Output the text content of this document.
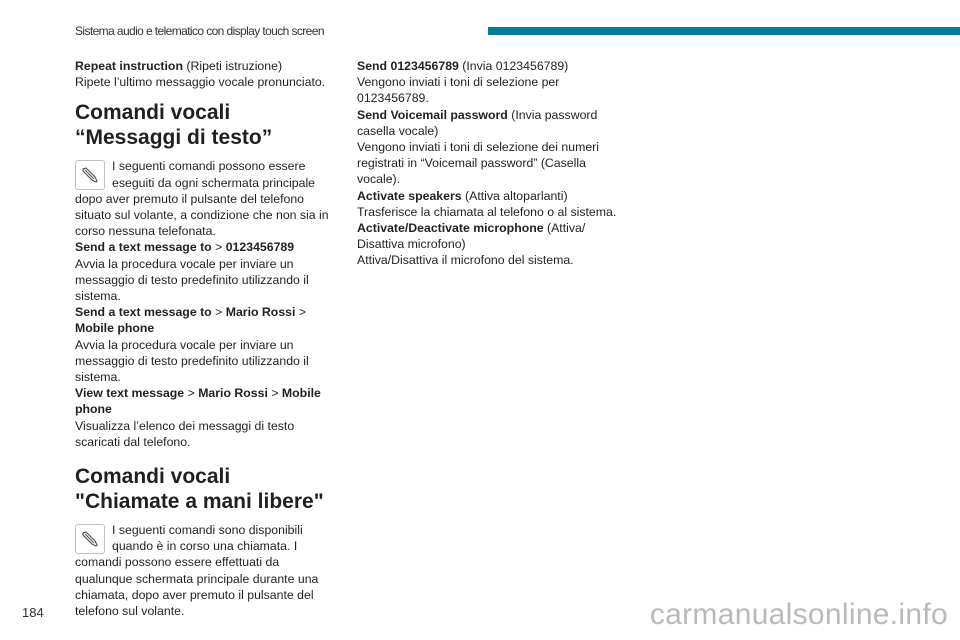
Sistema audio e telematico con display touch screen

Repeat instruction (Ripeti istruzione)
Ripete l’ultimo messaggio vocale pronunciato.

Comandi vocali “Messaggi di testo”

I seguenti comandi possono essere eseguiti da ogni schermata principale dopo aver premuto il pulsante del telefono situato sul volante, a condizione che non sia in corso nessuna telefonata.

Send a text message to > 0123456789
Avvia la procedura vocale per inviare un messaggio di testo predefinito utilizzando il sistema.

Send a text message to > Mario Rossi > Mobile phone
Avvia la procedura vocale per inviare un messaggio di testo predefinito utilizzando il sistema.

View text message > Mario Rossi > Mobile phone
Visualizza l’elenco dei messaggi di testo scaricati dal telefono.

Comandi vocali "Chiamate a mani libere"

I seguenti comandi sono disponibili quando è in corso una chiamata. I comandi possono essere effettuati da qualunque schermata principale durante una chiamata, dopo aver premuto il pulsante del telefono sul volante.

Send 0123456789 (Invia 0123456789)
Vengono inviati i toni di selezione per 0123456789.

Send Voicemail password (Invia password casella vocale)
Vengono inviati i toni di selezione dei numeri registrati in “Voicemail password” (Casella vocale).

Activate speakers (Attiva altoparlanti)
Trasferisce la chiamata al telefono o al sistema.

Activate/Deactivate microphone (Attiva/ Disattiva microfono)
Attiva/Disattiva il microfono del sistema.

184	carmanualsonline.info
